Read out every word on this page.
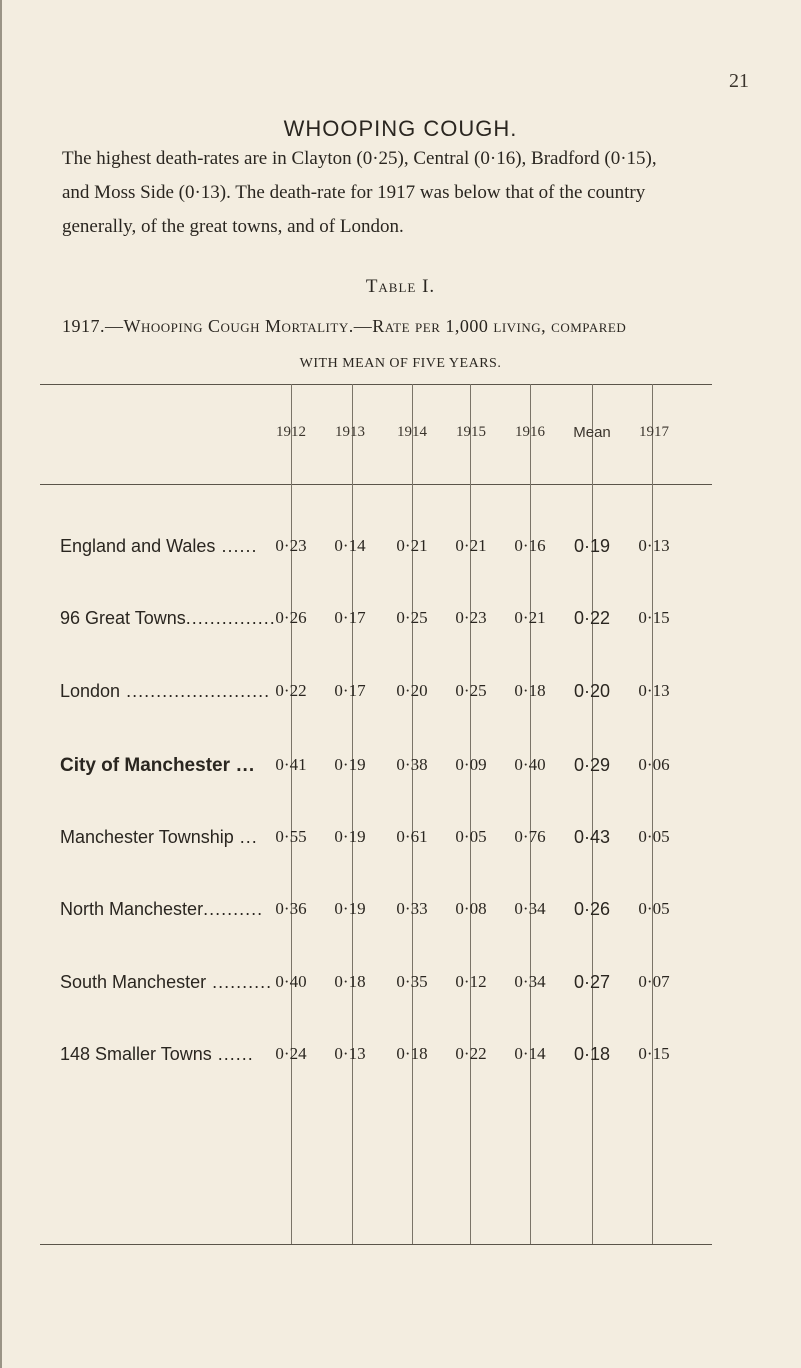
21
WHOOPING COUGH.
The highest death-rates are in Clayton (0·25), Central (0·16), Bradford (0·15),
and Moss Side (0·13). The death-rate for 1917 was below that of the country
generally, of the great towns, and of London.
Table I.
1917.—Whooping Cough Mortality.—Rate per 1,000 living, compared
WITH MEAN OF FIVE YEARS.
1912	1913	1914	1915	1916	Mean	1917
England and Wales ......	0·23	0·14	0·21	0·21	0·16	0·19	0·13
96 Great Towns............... 0·26	0·17	0·25	0·23	0·21	0·22	0·15
London ........................ 0·22	0·17	0·20	0·25	0·18	0·20	0·13
City of Manchester ...	0·41	0·19	0·38	0·09	0·40	0·29	0·06
Manchester Township ...	0·55	0·19	0·61	0·05	0·76	0·43	0·05
North Manchester.......... 0·36	0·19	0·33	0·08	0·34	0·26	0·05
South Manchester .......... 0·40	0·18	0·35	0·12	0·34	0·27	0·07
148 Smaller Towns ......	0·24	0·13	0·18	0·22	0·14	0·18	0·15
